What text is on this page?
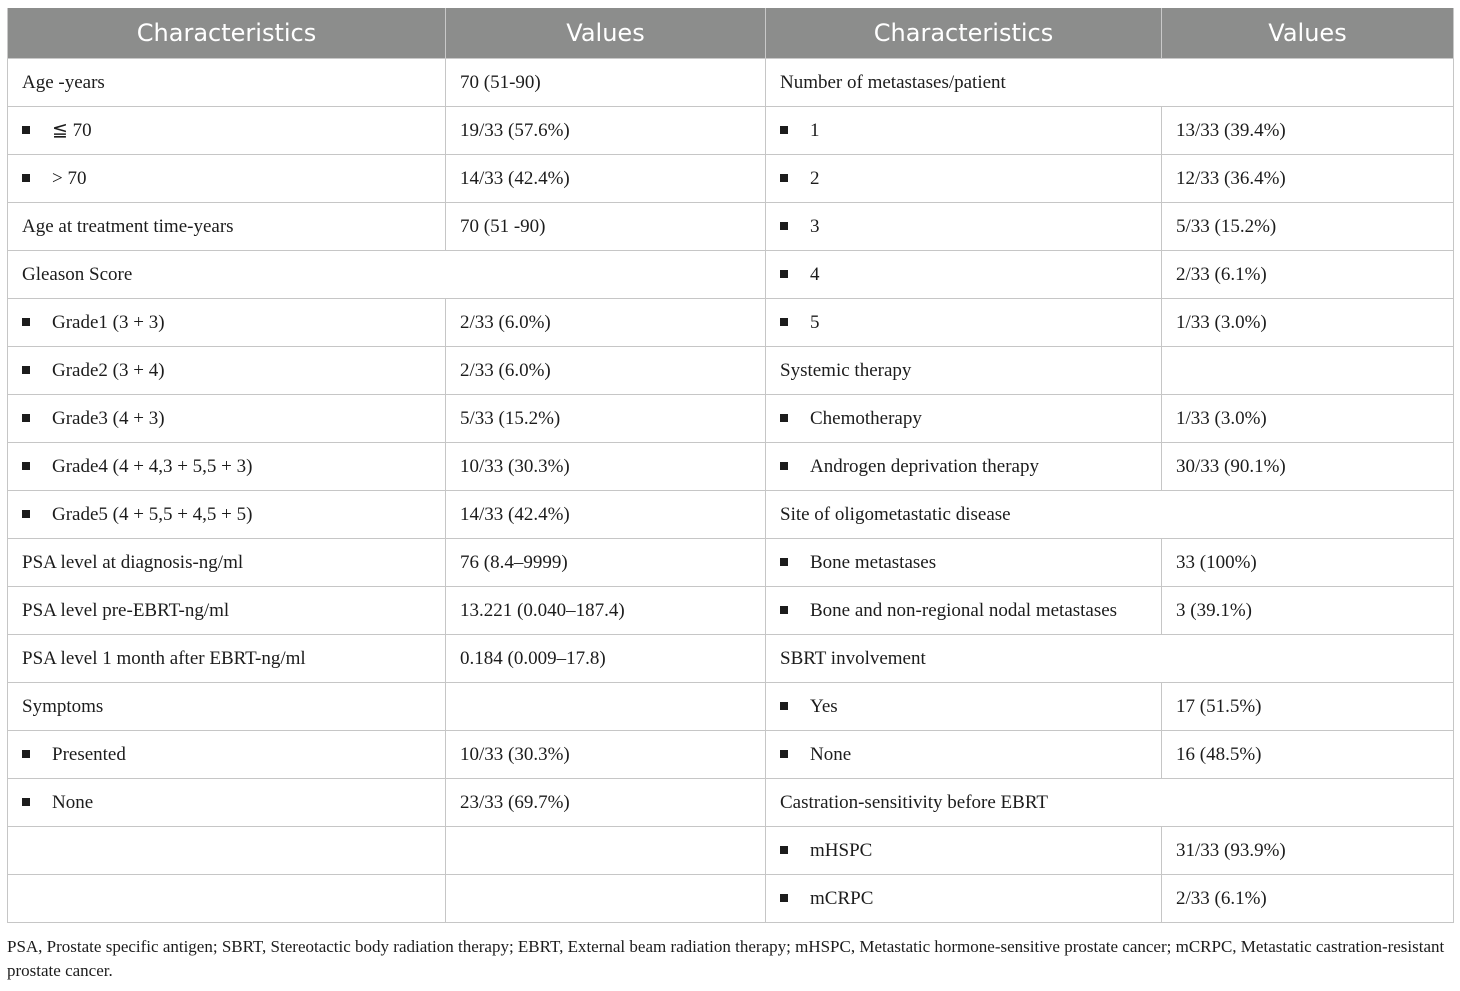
Characteristics	Values	Characteristics	Values
Age -years	70 (51-90)	Number of metastases/patient	
≦ 70	19/33 (57.6%)	1	13/33 (39.4%)
> 70	14/33 (42.4%)	2	12/33 (36.4%)
Age at treatment time-years	70 (51 -90)	3	5/33 (15.2%)
Gleason Score		4	2/33 (6.1%)
Grade1 (3 + 3)	2/33 (6.0%)	5	1/33 (3.0%)
Grade2 (3 + 4)	2/33 (6.0%)	Systemic therapy	
Grade3 (4 + 3)	5/33 (15.2%)	Chemotherapy	1/33 (3.0%)
Grade4 (4 + 4,3 + 5,5 + 3)	10/33 (30.3%)	Androgen deprivation therapy	30/33 (90.1%)
Grade5 (4 + 5,5 + 4,5 + 5)	14/33 (42.4%)	Site of oligometastatic disease	
PSA level at diagnosis-ng/ml	76 (8.4–9999)	Bone metastases	33 (100%)
PSA level pre-EBRT-ng/ml	13.221 (0.040–187.4)	Bone and non-regional nodal metastases	3 (39.1%)
PSA level 1 month after EBRT-ng/ml	0.184 (0.009–17.8)	SBRT involvement	
Symptoms		Yes	17 (51.5%)
Presented	10/33 (30.3%)	None	16 (48.5%)
None	23/33 (69.7%)	Castration-sensitivity before EBRT	
		mHSPC	31/33 (93.9%)
		mCRPC	2/33 (6.1%)
PSA, Prostate specific antigen; SBRT, Stereotactic body radiation therapy; EBRT, External beam radiation therapy; mHSPC, Metastatic hormone-sensitive prostate cancer; mCRPC, Metastatic castration-resistant prostate cancer.
